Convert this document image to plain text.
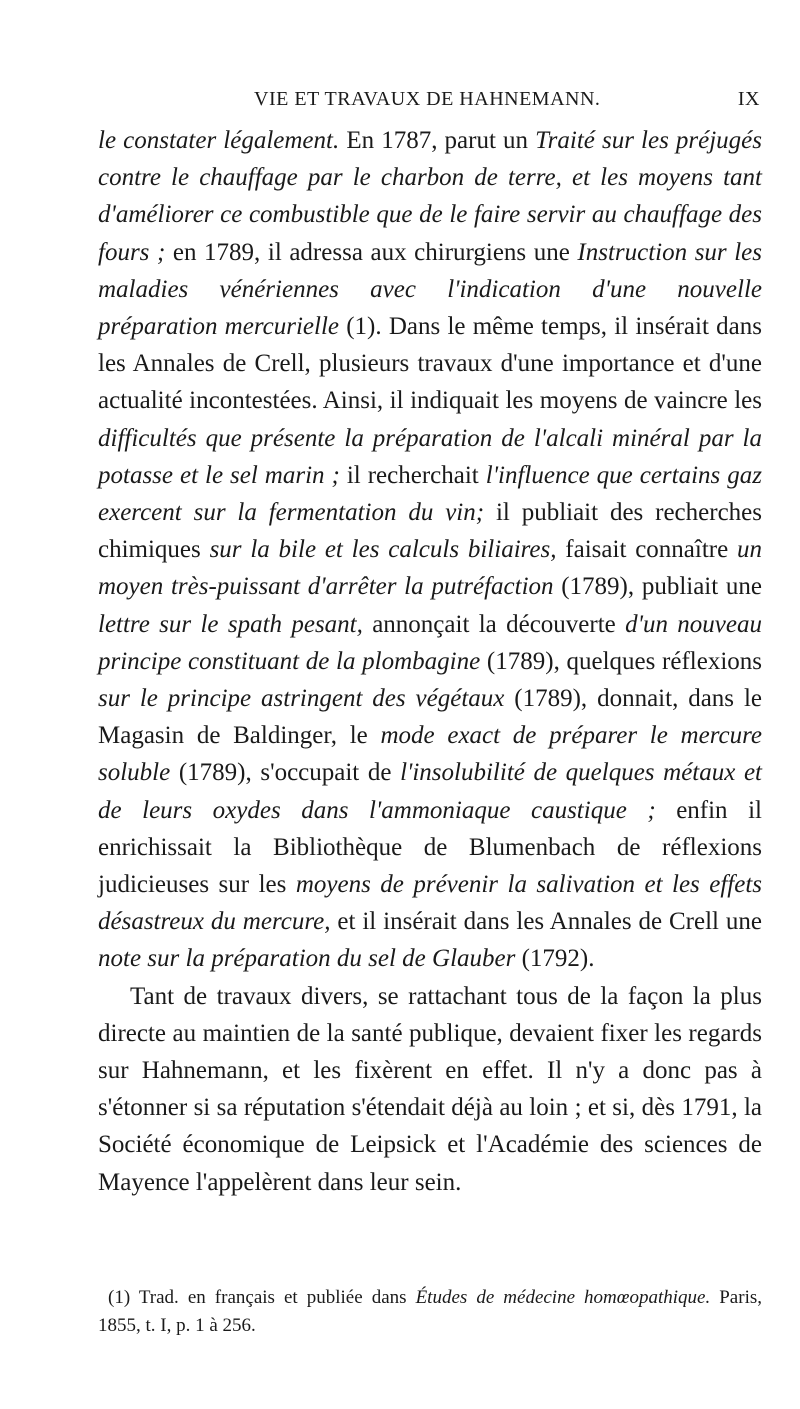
VIE ET TRAVAUX DE HAHNEMANN.	IX

le constater légalement. En 1787, parut un Traité sur les préjugés contre le chauffage par le charbon de terre, et les moyens tant d'améliorer ce combustible que de le faire servir au chauffage des fours ; en 1789, il adressa aux chirurgiens une Instruction sur les maladies vénériennes avec l'indication d'une nouvelle préparation mercurielle (1). Dans le même temps, il insérait dans les Annales de Crell, plusieurs travaux d'une importance et d'une actualité incontestées. Ainsi, il indiquait les moyens de vaincre les difficultés que présente la préparation de l'alcali minéral par la potasse et le sel marin ; il recherchait l'influence que certains gaz exercent sur la fermentation du vin; il publiait des recherches chimiques sur la bile et les calculs biliaires, faisait connaître un moyen très-puissant d'arrêter la putréfaction (1789), publiait une lettre sur le spath pesant, annonçait la découverte d'un nouveau principe constituant de la plombagine (1789), quelques réflexions sur le principe astringent des végétaux (1789), donnait, dans le Magasin de Baldinger, le mode exact de préparer le mercure soluble (1789), s'occupait de l'insolubilité de quelques métaux et de leurs oxydes dans l'ammoniaque caustique ; enfin il enrichissait la Bibliothèque de Blumenbach de réflexions judicieuses sur les moyens de prévenir la salivation et les effets désastreux du mercure, et il insérait dans les Annales de Crell une note sur la préparation du sel de Glauber (1792).

Tant de travaux divers, se rattachant tous de la façon la plus directe au maintien de la santé publique, devaient fixer les regards sur Hahnemann, et les fixèrent en effet. Il n'y a donc pas à s'étonner si sa réputation s'étendait déjà au loin ; et si, dès 1791, la Société économique de Leipsick et l'Académie des sciences de Mayence l'appelèrent dans leur sein.

(1) Trad. en français et publiée dans Études de médecine homœopathique. Paris, 1855, t. I, p. 1 à 256.
